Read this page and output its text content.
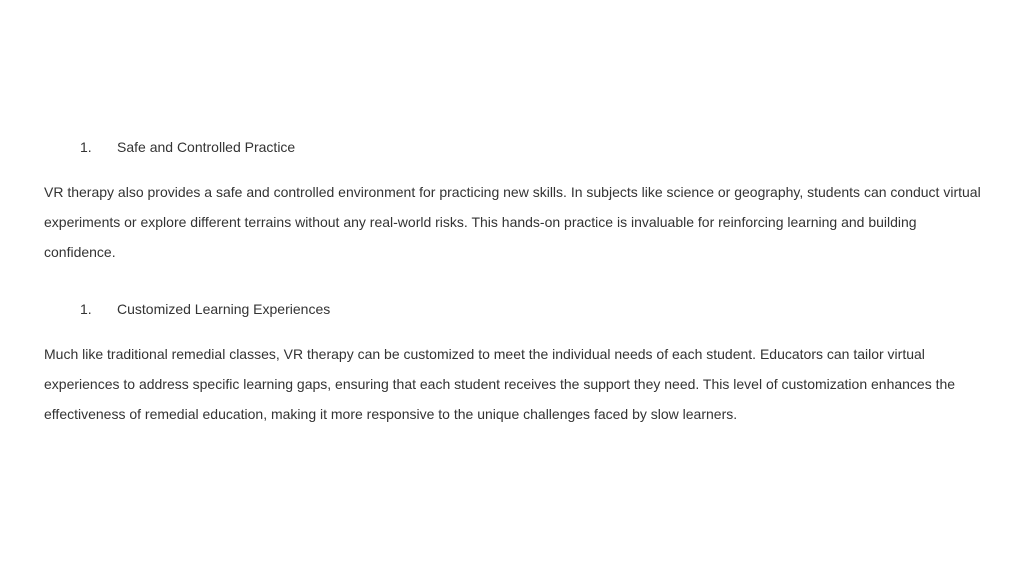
1. Safe and Controlled Practice

VR therapy also provides a safe and controlled environment for practicing new skills. In subjects like science or geography, students can conduct virtual experiments or explore different terrains without any real-world risks. This hands-on practice is invaluable for reinforcing learning and building confidence.

1. Customized Learning Experiences

Much like traditional remedial classes, VR therapy can be customized to meet the individual needs of each student. Educators can tailor virtual experiences to address specific learning gaps, ensuring that each student receives the support they need. This level of customization enhances the effectiveness of remedial education, making it more responsive to the unique challenges faced by slow learners.
